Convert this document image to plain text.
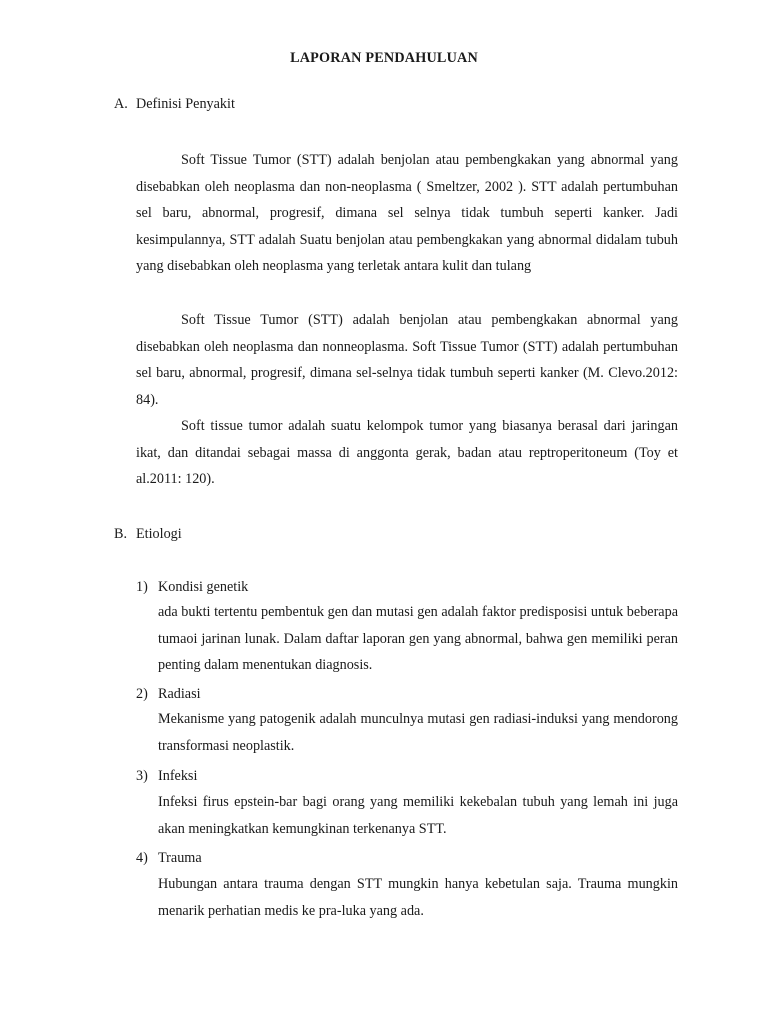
LAPORAN PENDAHULUAN
A. Definisi Penyakit

Soft Tissue Tumor (STT) adalah benjolan atau pembengkakan yang abnormal yang disebabkan oleh neoplasma dan non-neoplasma ( Smeltzer, 2002 ). STT adalah pertumbuhan sel baru, abnormal, progresif, dimana sel selnya tidak tumbuh seperti kanker. Jadi kesimpulannya, STT adalah Suatu benjolan atau pembengkakan yang abnormal didalam tubuh yang disebabkan oleh neoplasma yang terletak antara kulit dan tulang

Soft Tissue Tumor (STT) adalah benjolan atau pembengkakan abnormal yang disebabkan oleh neoplasma dan nonneoplasma. Soft Tissue Tumor (STT) adalah pertumbuhan sel baru, abnormal, progresif, dimana sel-selnya tidak tumbuh seperti kanker (M. Clevo.2012: 84).

Soft tissue tumor adalah suatu kelompok tumor yang biasanya berasal dari jaringan ikat, dan ditandai sebagai massa di anggonta gerak, badan atau reptroperitoneum (Toy et al.2011: 120).

B. Etiologi
1) Kondisi genetik

ada bukti tertentu pembentuk gen dan mutasi gen adalah faktor predisposisi untuk beberapa tumaoi jarinan lunak. Dalam daftar laporan gen yang abnormal, bahwa gen memiliki peran penting dalam menentukan diagnosis.

2) Radiasi

Mekanisme yang patogenik adalah munculnya mutasi gen radiasi-induksi yang mendorong transformasi neoplastik.

3) Infeksi

Infeksi firus epstein-bar bagi orang yang memiliki kekebalan tubuh yang lemah ini juga akan meningkatkan kemungkinan terkenanya STT.

4) Trauma

Hubungan antara trauma dengan STT mungkin hanya kebetulan saja. Trauma mungkin menarik perhatian medis ke pra-luka yang ada.
